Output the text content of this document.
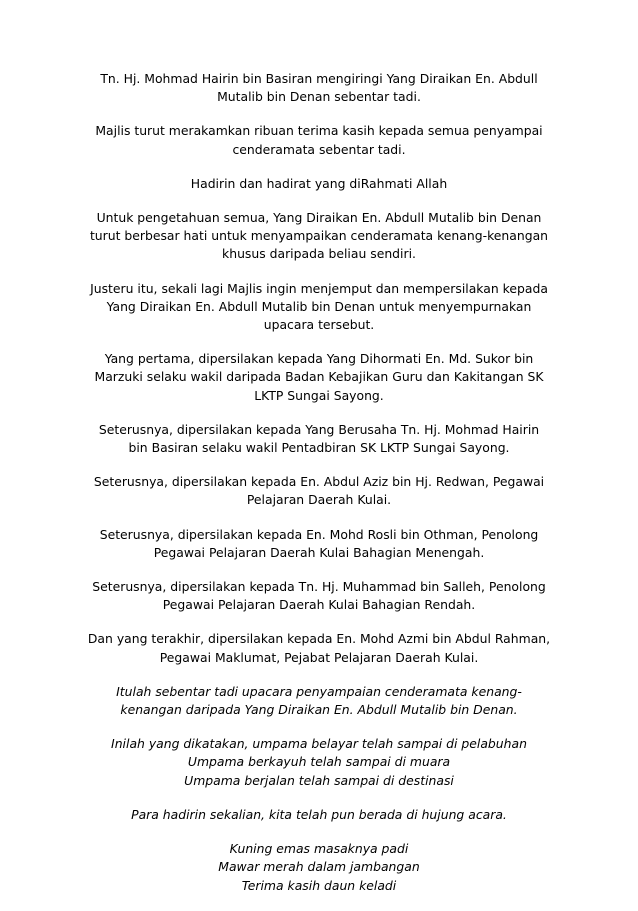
Tn. Hj. Mohmad Hairin bin Basiran mengiringi Yang Diraikan En. Abdull
Mutalib bin Denan sebentar tadi.

Majlis turut merakamkan ribuan terima kasih kepada semua penyampai
cenderamata sebentar tadi.

Hadirin dan hadirat yang diRahmati Allah

Untuk pengetahuan semua, Yang Diraikan En. Abdull Mutalib bin Denan
turut berbesar hati untuk menyampaikan cenderamata kenang-kenangan
khusus daripada beliau sendiri.

Justeru itu, sekali lagi Majlis ingin menjemput dan mempersilakan kepada
Yang Diraikan En. Abdull Mutalib bin Denan untuk menyempurnakan
upacara tersebut.

Yang pertama, dipersilakan kepada Yang Dihormati En. Md. Sukor bin
Marzuki selaku wakil daripada Badan Kebajikan Guru dan Kakitangan SK
LKTP Sungai Sayong.

Seterusnya, dipersilakan kepada Yang Berusaha Tn. Hj. Mohmad Hairin
bin Basiran selaku wakil Pentadbiran SK LKTP Sungai Sayong.

Seterusnya, dipersilakan kepada En. Abdul Aziz bin Hj. Redwan, Pegawai
Pelajaran Daerah Kulai.

Seterusnya, dipersilakan kepada En. Mohd Rosli bin Othman, Penolong
Pegawai Pelajaran Daerah Kulai Bahagian Menengah.

Seterusnya, dipersilakan kepada Tn. Hj. Muhammad bin Salleh, Penolong
Pegawai Pelajaran Daerah Kulai Bahagian Rendah.

Dan yang terakhir, dipersilakan kepada En. Mohd Azmi bin Abdul Rahman,
Pegawai Maklumat, Pejabat Pelajaran Daerah Kulai.

Itulah sebentar tadi upacara penyampaian cenderamata kenang-
kenangan daripada Yang Diraikan En. Abdull Mutalib bin Denan.

Inilah yang dikatakan, umpama belayar telah sampai di pelabuhan
Umpama berkayuh telah sampai di muara
Umpama berjalan telah sampai di destinasi

Para hadirin sekalian, kita telah pun berada di hujung acara.

Kuning emas masaknya padi
Mawar merah dalam jambangan
Terima kasih daun keladi
